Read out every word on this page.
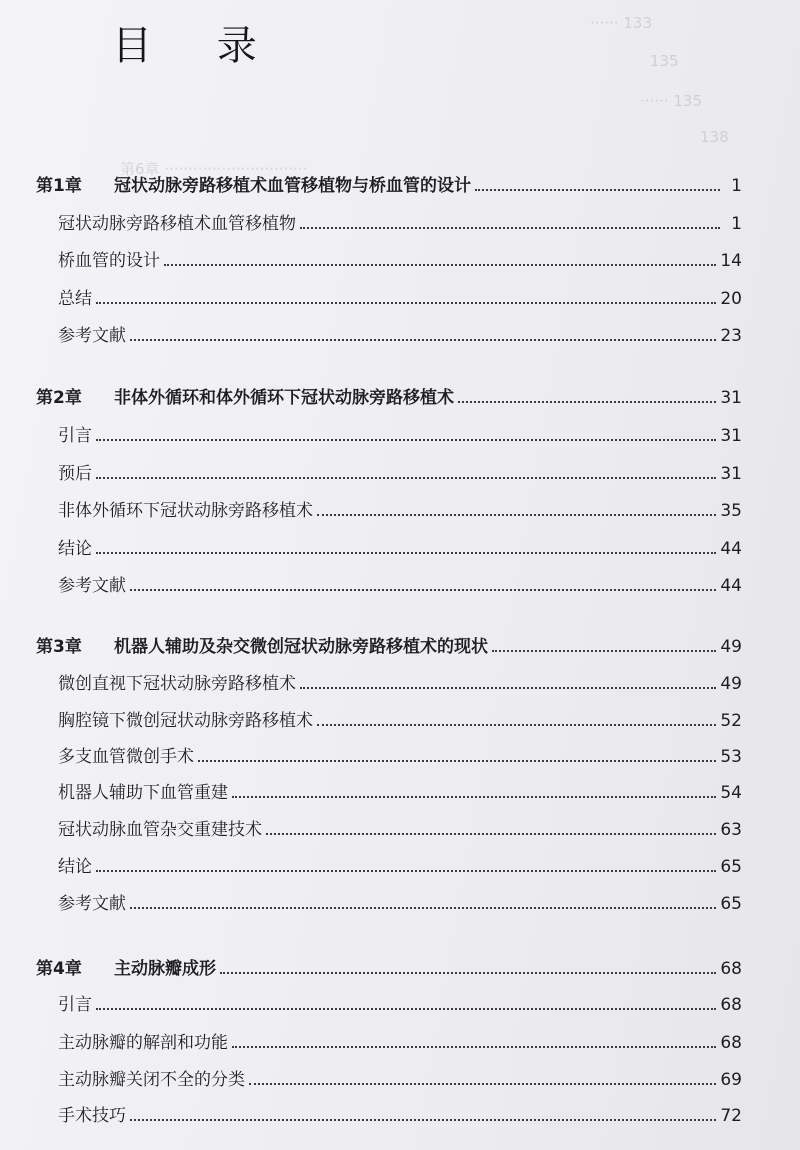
······ 133
135
······ 135
138
第6章 ······························
目 录
第1章	冠状动脉旁路移植术血管移植物与桥血管的设计	1
冠状动脉旁路移植术血管移植物	1
桥血管的设计	14
总结	20
参考文献	23
第2章	非体外循环和体外循环下冠状动脉旁路移植术	31
引言	31
预后	31
非体外循环下冠状动脉旁路移植术	35
结论	44
参考文献	44
第3章	机器人辅助及杂交微创冠状动脉旁路移植术的现状	49
微创直视下冠状动脉旁路移植术	49
胸腔镜下微创冠状动脉旁路移植术	52
多支血管微创手术	53
机器人辅助下血管重建	54
冠状动脉血管杂交重建技术	63
结论	65
参考文献	65
第4章	主动脉瓣成形	68
引言	68
主动脉瓣的解剖和功能	68
主动脉瓣关闭不全的分类	69
手术技巧	72
